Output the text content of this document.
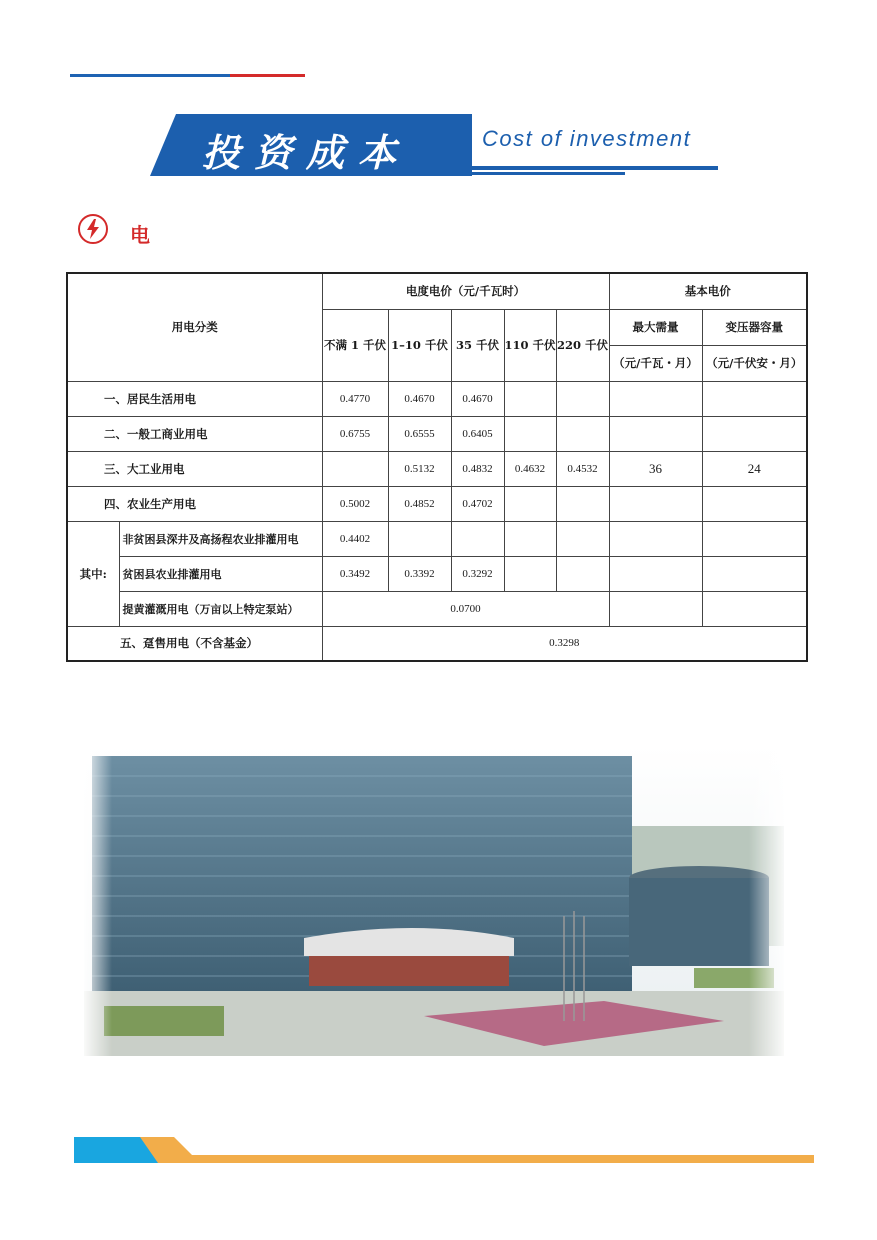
投资成本	Cost of investment
电
用电分类		电度电价（元/千瓦时）					基本电价	
		不满 1 千伏	1–10 千伏	35 千伏	110 千伏	220 千伏	最大需量	变压器容量
							（元/千瓦・月）	（元/千伏安・月）
一、居民生活用电		0.4770	0.4670	0.4670				
二、一般工商业用电		0.6755	0.6555	0.6405				
三、大工业用电			0.5132	0.4832	0.4632	0.4532	36	24
四、农业生产用电		0.5002	0.4852	0.4702				
其中:	非贫困县深井及高扬程农业排灌用电	0.4402						
	贫困县农业排灌用电	0.3492	0.3392	0.3292				
	提黄灌溉用电（万亩以上特定泵站）	0.0700						
五、趸售用电（不含基金）		0.3298						
